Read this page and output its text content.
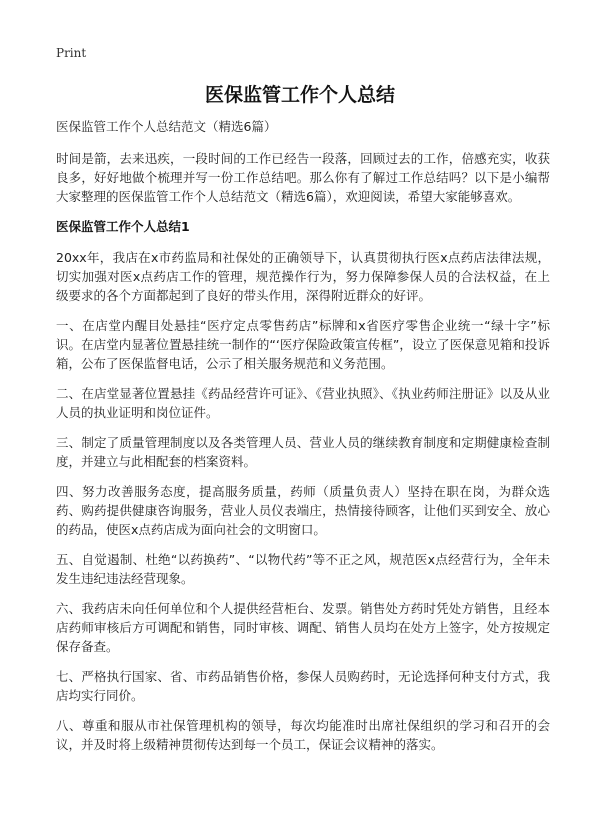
Print
医保监管工作个人总结

医保监管工作个人总结范文（精选6篇）

时间是箭，去来迅疾，一段时间的工作已经告一段落，回顾过去的工作，倍感充实，收获良多，好好地做个梳理并写一份工作总结吧。那么你有了解过工作总结吗？以下是小编帮大家整理的医保监管工作个人总结范文（精选6篇），欢迎阅读，希望大家能够喜欢。

医保监管工作个人总结1

20xx年，我店在x市药监局和社保处的正确领导下，认真贯彻执行医x点药店法律法规，切实加强对医x点药店工作的管理，规范操作行为，努力保障参保人员的合法权益，在上级要求的各个方面都起到了良好的带头作用，深得附近群众的好评。

一、在店堂内醒目处悬挂“医疗定点零售药店”标牌和x省医疗零售企业统一“绿十字”标识。在店堂内显著位置悬挂统一制作的“‘医疗保险政策宣传框”，设立了医保意见箱和投诉箱，公布了医保监督电话，公示了相关服务规范和义务范围。

二、在店堂显著位置悬挂《药品经营许可证》、《营业执照》、《执业药师注册证》以及从业人员的执业证明和岗位证件。

三、制定了质量管理制度以及各类管理人员、营业人员的继续教育制度和定期健康检查制度，并建立与此相配套的档案资料。

四、努力改善服务态度，提高服务质量，药师（质量负责人）坚持在职在岗，为群众选药、购药提供健康咨询服务，营业人员仪表端庄，热情接待顾客，让他们买到安全、放心的药品，使医x点药店成为面向社会的文明窗口。

五、自觉遏制、杜绝“以药换药”、“以物代药”等不正之风，规范医x点经营行为，全年未发生违纪违法经营现象。

六、我药店未向任何单位和个人提供经营柜台、发票。销售处方药时凭处方销售，且经本店药师审核后方可调配和销售，同时审核、调配、销售人员均在处方上签字，处方按规定保存备查。

七、严格执行国家、省、市药品销售价格，参保人员购药时，无论选择何种支付方式，我店均实行同价。

八、尊重和服从市社保管理机构的领导，每次均能准时出席社保组织的学习和召开的会议，并及时将上级精神贯彻传达到每一个员工，保证会议精神的落实。
